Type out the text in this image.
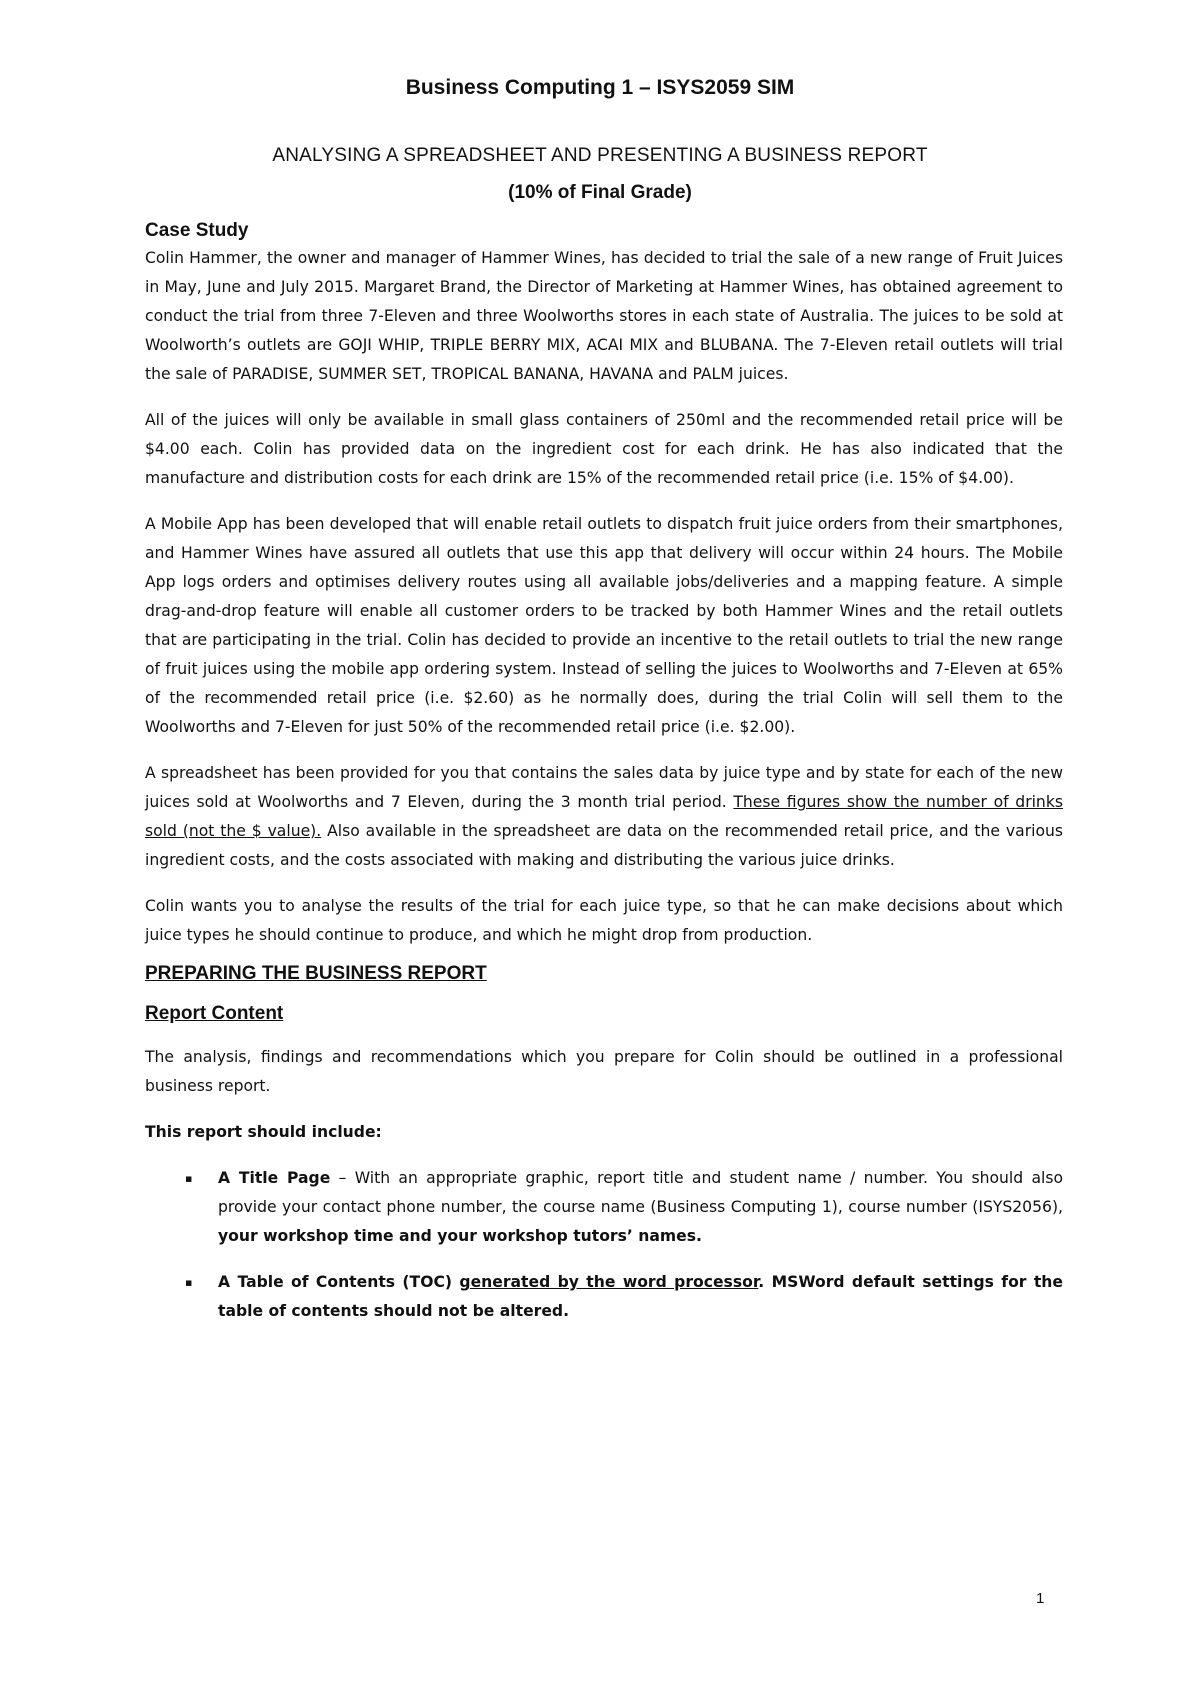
Business Computing 1 – ISYS2059 SIM
ANALYSING A SPREADSHEET AND PRESENTING A BUSINESS REPORT
(10% of Final Grade)
Case Study

Colin Hammer, the owner and manager of Hammer Wines, has decided to trial the sale of a new range of Fruit Juices in May, June and July 2015. Margaret Brand, the Director of Marketing at Hammer Wines, has obtained agreement to conduct the trial from three 7-Eleven and three Woolworths stores in each state of Australia. The juices to be sold at Woolworth’s outlets are GOJI WHIP, TRIPLE BERRY MIX, ACAI MIX and BLUBANA. The 7-Eleven retail outlets will trial the sale of PARADISE, SUMMER SET, TROPICAL BANANA, HAVANA and PALM juices.

All of the juices will only be available in small glass containers of 250ml and the recommended retail price will be $4.00 each. Colin has provided data on the ingredient cost for each drink. He has also indicated that the manufacture and distribution costs for each drink are 15% of the recommended retail price (i.e. 15% of $4.00).

A Mobile App has been developed that will enable retail outlets to dispatch fruit juice orders from their smartphones, and Hammer Wines have assured all outlets that use this app that delivery will occur within 24 hours. The Mobile App logs orders and optimises delivery routes using all available jobs/deliveries and a mapping feature. A simple drag-and-drop feature will enable all customer orders to be tracked by both Hammer Wines and the retail outlets that are participating in the trial. Colin has decided to provide an incentive to the retail outlets to trial the new range of fruit juices using the mobile app ordering system. Instead of selling the juices to Woolworths and 7-Eleven at 65% of the recommended retail price (i.e. $2.60) as he normally does, during the trial Colin will sell them to the Woolworths and 7-Eleven for just 50% of the recommended retail price (i.e. $2.00).

A spreadsheet has been provided for you that contains the sales data by juice type and by state for each of the new juices sold at Woolworths and 7 Eleven, during the 3 month trial period. These figures show the number of drinks sold (not the $ value). Also available in the spreadsheet are data on the recommended retail price, and the various ingredient costs, and the costs associated with making and distributing the various juice drinks.

Colin wants you to analyse the results of the trial for each juice type, so that he can make decisions about which juice types he should continue to produce, and which he might drop from production.

PREPARING THE BUSINESS REPORT
Report Content

The analysis, findings and recommendations which you prepare for Colin should be outlined in a professional business report.

This report should include:
▪ A Title Page – With an appropriate graphic, report title and student name / number. You should also provide your contact phone number, the course name (Business Computing 1), course number (ISYS2056), your workshop time and your workshop tutors’ names.
▪ A Table of Contents (TOC) generated by the word processor. MSWord default settings for the table of contents should not be altered.
1
